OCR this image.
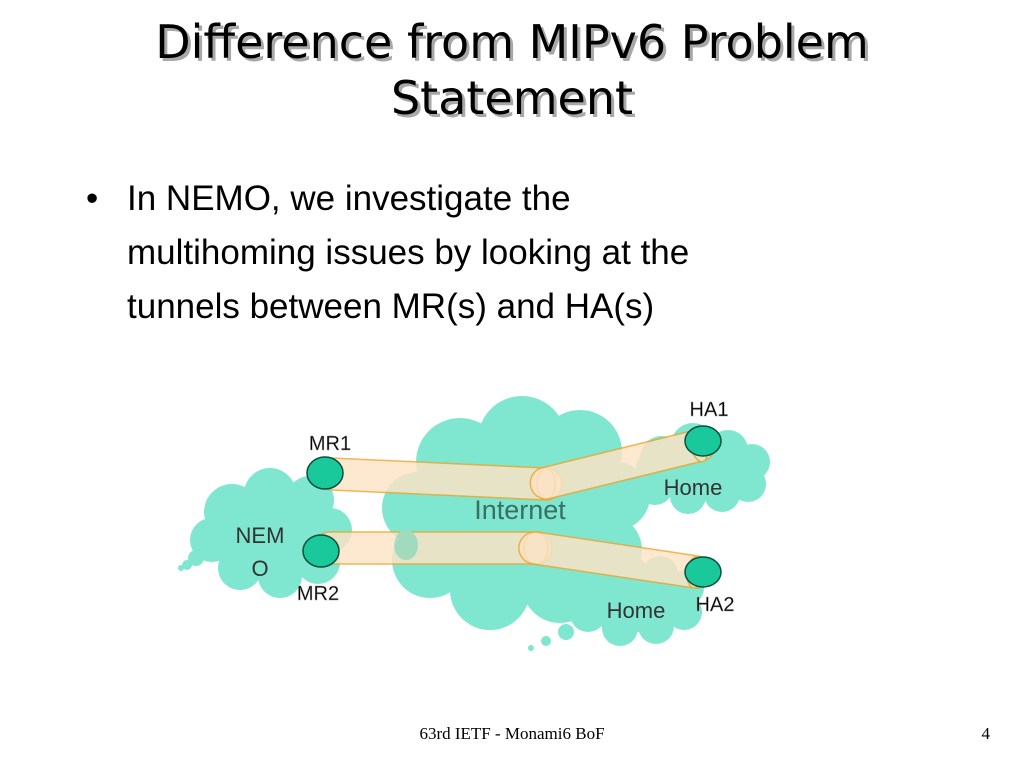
Difference from MIPv6 Problem
Statement
• In NEMO, we investigate the
multihoming issues by looking at the
tunnels between MR(s) and HA(s)
Internet
NEM
O
Home
Home
MR1
MR2
HA1
HA2
63rd IETF - Monami6 BoF	4
